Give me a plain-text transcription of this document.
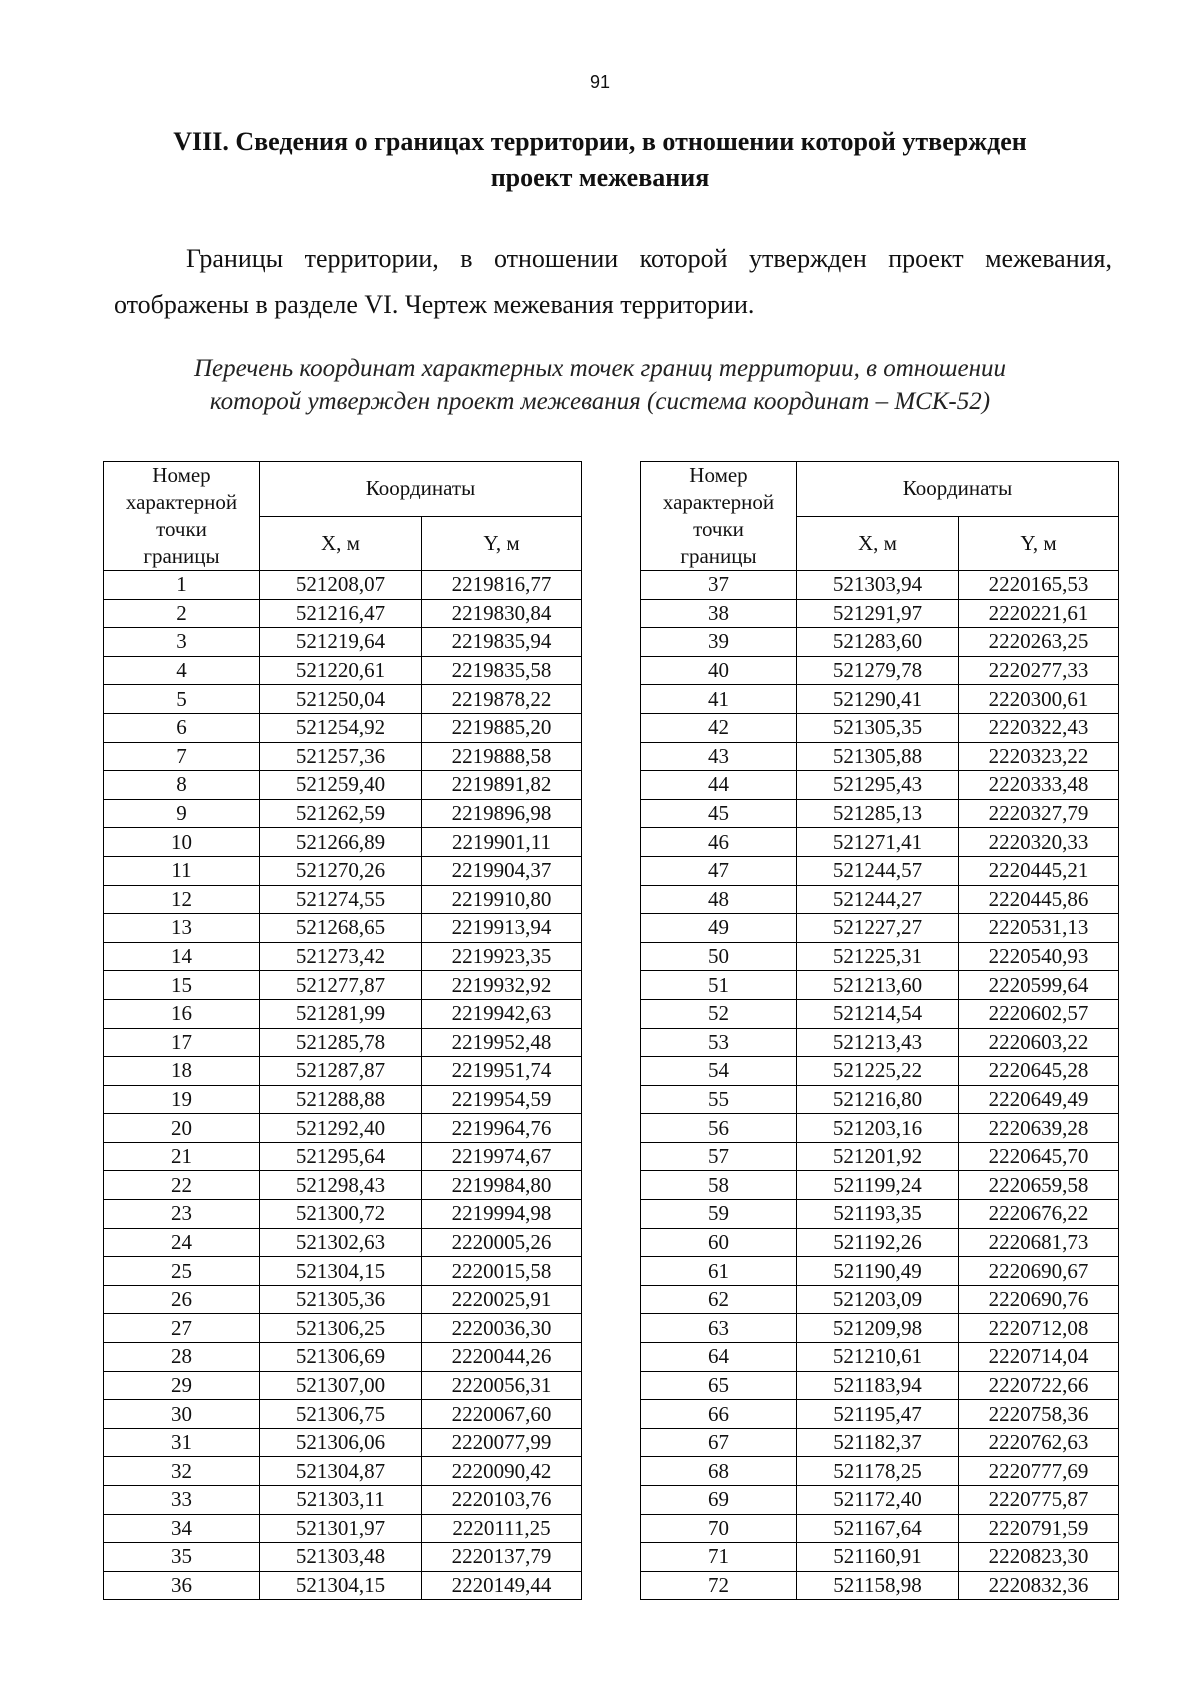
91
VIII. Сведения о границах территории, в отношении которой утвержден
проект межевания
Границы территории, в отношении которой утвержден проект межевания, отображены в разделе VI. Чертеж межевания территории.
Перечень координат характерных точек границ территории, в отношении
которой утвержден проект межевания (система координат – МСК-52)
Номер
характерной
точки
границы	Координаты	
	X, м	Y, м
1	521208,07	2219816,77
2	521216,47	2219830,84
3	521219,64	2219835,94
4	521220,61	2219835,58
5	521250,04	2219878,22
6	521254,92	2219885,20
7	521257,36	2219888,58
8	521259,40	2219891,82
9	521262,59	2219896,98
10	521266,89	2219901,11
11	521270,26	2219904,37
12	521274,55	2219910,80
13	521268,65	2219913,94
14	521273,42	2219923,35
15	521277,87	2219932,92
16	521281,99	2219942,63
17	521285,78	2219952,48
18	521287,87	2219951,74
19	521288,88	2219954,59
20	521292,40	2219964,76
21	521295,64	2219974,67
22	521298,43	2219984,80
23	521300,72	2219994,98
24	521302,63	2220005,26
25	521304,15	2220015,58
26	521305,36	2220025,91
27	521306,25	2220036,30
28	521306,69	2220044,26
29	521307,00	2220056,31
30	521306,75	2220067,60
31	521306,06	2220077,99
32	521304,87	2220090,42
33	521303,11	2220103,76
34	521301,97	2220111,25
35	521303,48	2220137,79
36	521304,15	2220149,44
Номер
характерной
точки
границы	Координаты	
	X, м	Y, м
37	521303,94	2220165,53
38	521291,97	2220221,61
39	521283,60	2220263,25
40	521279,78	2220277,33
41	521290,41	2220300,61
42	521305,35	2220322,43
43	521305,88	2220323,22
44	521295,43	2220333,48
45	521285,13	2220327,79
46	521271,41	2220320,33
47	521244,57	2220445,21
48	521244,27	2220445,86
49	521227,27	2220531,13
50	521225,31	2220540,93
51	521213,60	2220599,64
52	521214,54	2220602,57
53	521213,43	2220603,22
54	521225,22	2220645,28
55	521216,80	2220649,49
56	521203,16	2220639,28
57	521201,92	2220645,70
58	521199,24	2220659,58
59	521193,35	2220676,22
60	521192,26	2220681,73
61	521190,49	2220690,67
62	521203,09	2220690,76
63	521209,98	2220712,08
64	521210,61	2220714,04
65	521183,94	2220722,66
66	521195,47	2220758,36
67	521182,37	2220762,63
68	521178,25	2220777,69
69	521172,40	2220775,87
70	521167,64	2220791,59
71	521160,91	2220823,30
72	521158,98	2220832,36
